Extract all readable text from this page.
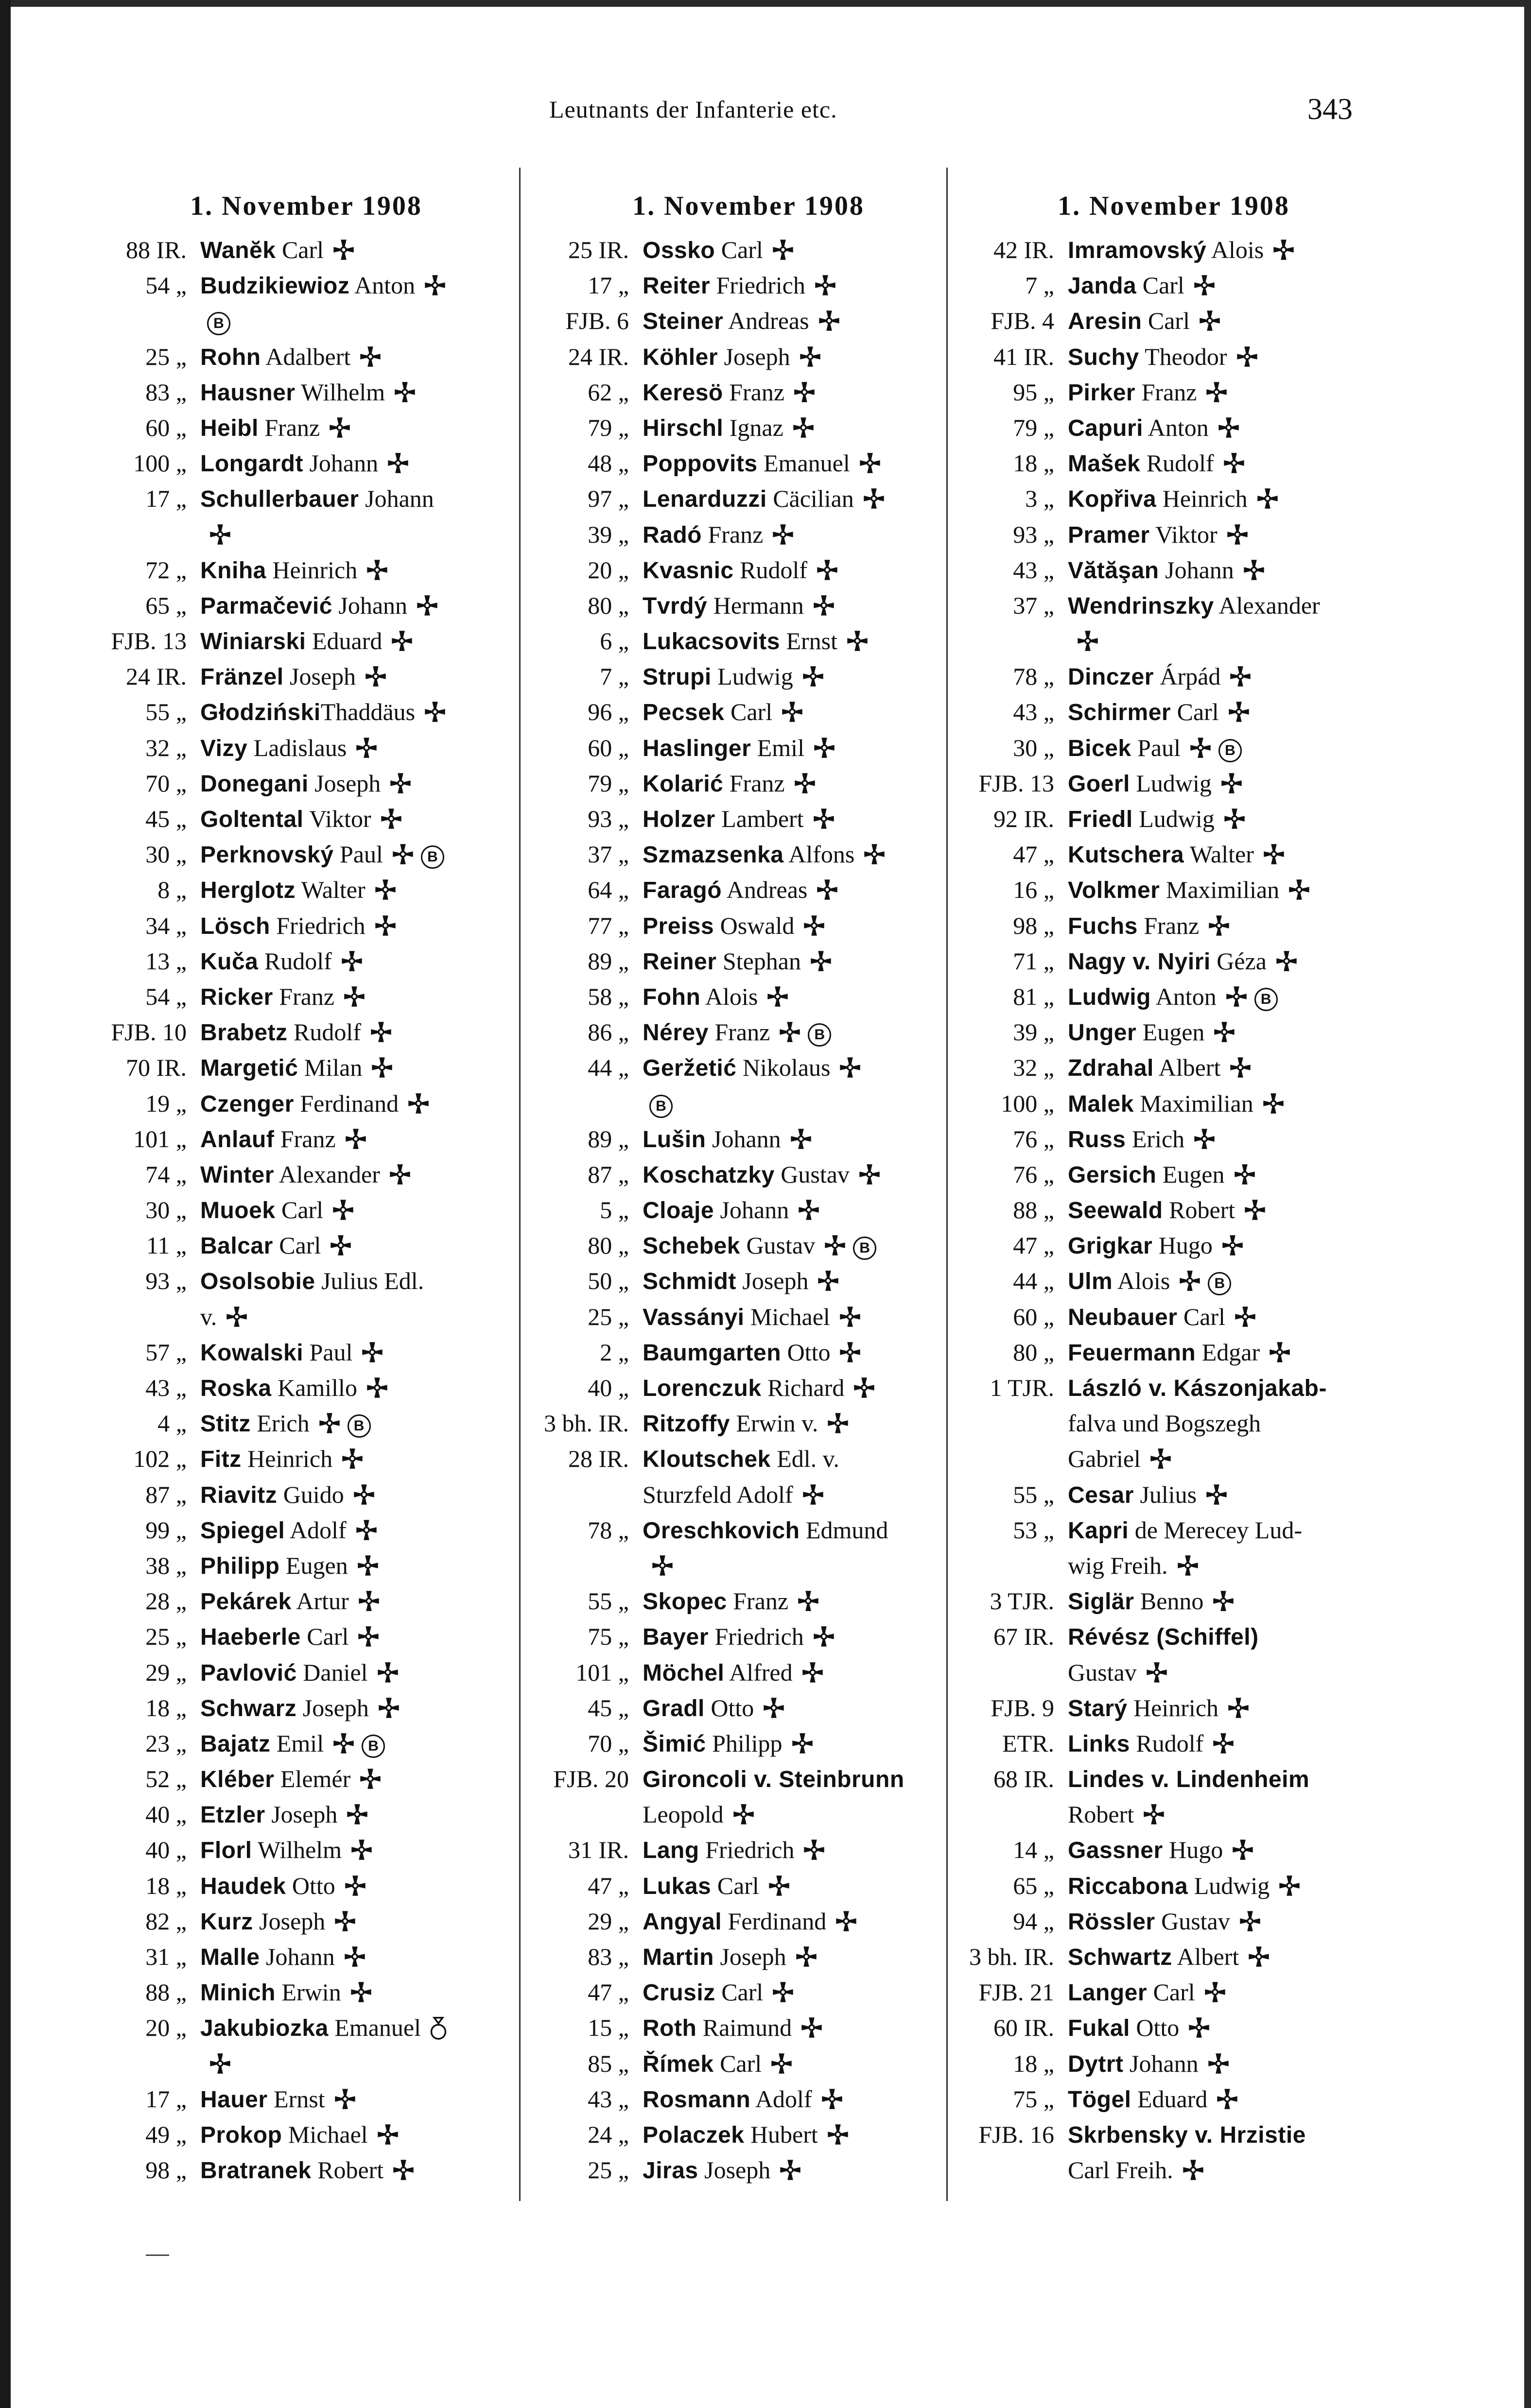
Leutnants der Infanterie etc.	343
1. November 1908
88 IR. Wanĕk Carl
54 „ Budzikiewioz Anton
B
25 „ Rohn Adalbert
83 „ Hausner Wilhelm
60 „ Heibl Franz
100 „ Longardt Johann
17 „ Schullerbauer Johann
72 „ Kniha Heinrich
65 „ Parmačević Johann
FJB. 13 Winiarski Eduard
24 IR. Fränzel Joseph
55 „ GłodzińskiThaddäus
32 „ Vizy Ladislaus
70 „ Donegani Joseph
45 „ Goltental Viktor
30 „ Perknovský Paul	B
8 „ Herglotz Walter
34 „ Lösch Friedrich
13 „ Kuča Rudolf
54 „ Ricker Franz
FJB. 10 Brabetz Rudolf
70 IR. Margetić Milan
19 „ Czenger Ferdinand
101 „ Anlauf Franz
74 „ Winter Alexander
30 „ Muoek Carl
11 „ Balcar Carl
93 „ Osolsobie Julius Edl.
v.
57 „ Kowalski Paul
43 „ Roska Kamillo
4 „ Stitz Erich	B
102 „ Fitz Heinrich
87 „ Riavitz Guido
99 „ Spiegel Adolf
38 „ Philipp Eugen
28 „ Pekárek Artur
25 „ Haeberle Carl
29 „ Pavlović Daniel
18 „ Schwarz Joseph
23 „ Bajatz Emil	B
52 „ Kléber Elemér
40 „ Etzler Joseph
40 „ Florl Wilhelm
18 „ Haudek Otto
82 „ Kurz Joseph
31 „ Malle Johann
88 „ Minich Erwin
20 „ Jakubiozka Emanuel
17 „ Hauer Ernst
49 „ Prokop Michael
98 „ Bratranek Robert
1. November 1908
25 IR. Ossko Carl
17 „ Reiter Friedrich
FJB. 6 Steiner Andreas
24 IR. Köhler Joseph
62 „ Keresö Franz
79 „ Hirschl Ignaz
48 „ Poppovits Emanuel
97 „ Lenarduzzi Cäcilian
39 „ Radó Franz
20 „ Kvasnic Rudolf
80 „ Tvrdý Hermann
6 „ Lukacsovits Ernst
7 „ Strupi Ludwig
96 „ Pecsek Carl
60 „ Haslinger Emil
79 „ Kolarić Franz
93 „ Holzer Lambert
37 „ Szmazsenka Alfons
64 „ Faragó Andreas
77 „ Preiss Oswald
89 „ Reiner Stephan
58 „ Fohn Alois
86 „ Nérey Franz	B
44 „ Geržetić Nikolaus
B
89 „ Lušin Johann
87 „ Koschatzky Gustav
5 „ Cloaje Johann
80 „ Schebek Gustav	B
50 „ Schmidt Joseph
25 „ Vassányi Michael
2 „ Baumgarten Otto
40 „ Lorenczuk Richard
3 bh. IR. Ritzoffy Erwin v.
28 IR. Kloutschek Edl. v.
Sturzfeld Adolf
78 „ Oreschkovich Edmund
55 „ Skopec Franz
75 „ Bayer Friedrich
101 „ Möchel Alfred
45 „ Gradl Otto
70 „ Šimić Philipp
FJB. 20 Gironcoli v. Steinbrunn
Leopold
31 IR. Lang Friedrich
47 „ Lukas Carl
29 „ Angyal Ferdinand
83 „ Martin Joseph
47 „ Crusiz Carl
15 „ Roth Raimund
85 „ Římek Carl
43 „ Rosmann Adolf
24 „ Polaczek Hubert
25 „ Jiras Joseph
1. November 1908
42 IR. Imramovský Alois
7 „ Janda Carl
FJB. 4 Aresin Carl
41 IR. Suchy Theodor
95 „ Pirker Franz
79 „ Capuri Anton
18 „ Mašek Rudolf
3 „ Kopřiva Heinrich
93 „ Pramer Viktor
43 „ Vătăşan Johann
37 „ Wendrinszky Alexander
78 „ Dinczer Árpád
43 „ Schirmer Carl
30 „ Bicek Paul	B
FJB. 13 Goerl Ludwig
92 IR. Friedl Ludwig
47 „ Kutschera Walter
16 „ Volkmer Maximilian
98 „ Fuchs Franz
71 „ Nagy v. Nyiri Géza
81 „ Ludwig Anton	B
39 „ Unger Eugen
32 „ Zdrahal Albert
100 „ Malek Maximilian
76 „ Russ Erich
76 „ Gersich Eugen
88 „ Seewald Robert
47 „ Grigkar Hugo
44 „ Ulm Alois	B
60 „ Neubauer Carl
80 „ Feuermann Edgar
1 TJR. László v. Kászonjakab-
falva und Bogszegh
Gabriel
55 „ Cesar Julius
53 „ Kapri de Merecey Lud-
wig Freih.
3 TJR. Siglär Benno
67 IR. Révész (Schiffel)
Gustav
FJB. 9 Starý Heinrich
ETR. Links Rudolf
68 IR. Lindes v. Lindenheim
Robert
14 „ Gassner Hugo
65 „ Riccabona Ludwig
94 „ Rössler Gustav
3 bh. IR. Schwartz Albert
FJB. 21 Langer Carl
60 IR. Fukal Otto
18 „ Dytrt Johann
75 „ Tögel Eduard
FJB. 16 Skrbensky v. Hrzistie
Carl Freih.
